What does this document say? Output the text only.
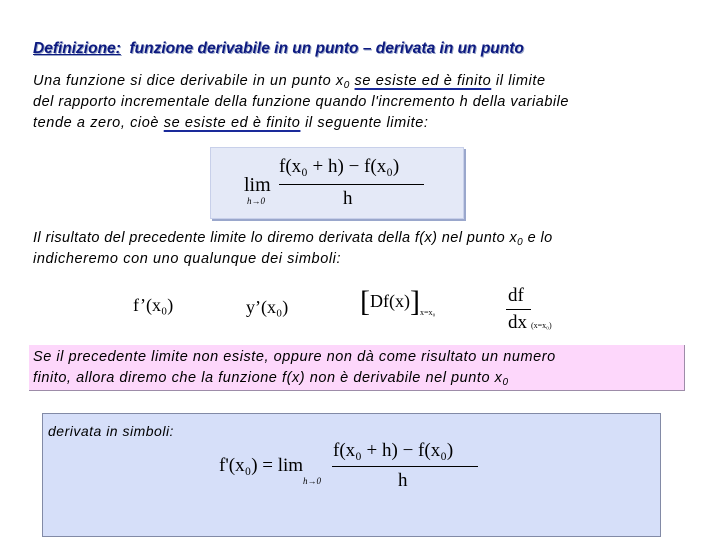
Definizione: funzione derivabile in un punto – derivata in un punto
Una funzione si dice derivabile in un punto $x_0$ se esiste ed è finito il limite
del rapporto incrementale della funzione quando l'incremento h della variabile
tende a zero, cioè se esiste ed è finito il seguente limite:
lim
h→0
f(x₀ + h) − f(x₀)
h
Il risultato del precedente limite lo diremo derivata della f(x) nel punto $x_0$ e lo
indicheremo con uno qualunque dei simboli:
f’(x₀)	y’(x₀) $[Df(x)]_{x=x_0}$
df
dx (x=x₀)
Se il precedente limite non esiste, oppure non dà come risultato un numero
finito, allora diremo che la funzione f(x) non è derivabile nel punto $x_0$
derivata in simboli:
f'(x₀) = lim
h→0
f(x₀ + h) − f(x₀)
h
